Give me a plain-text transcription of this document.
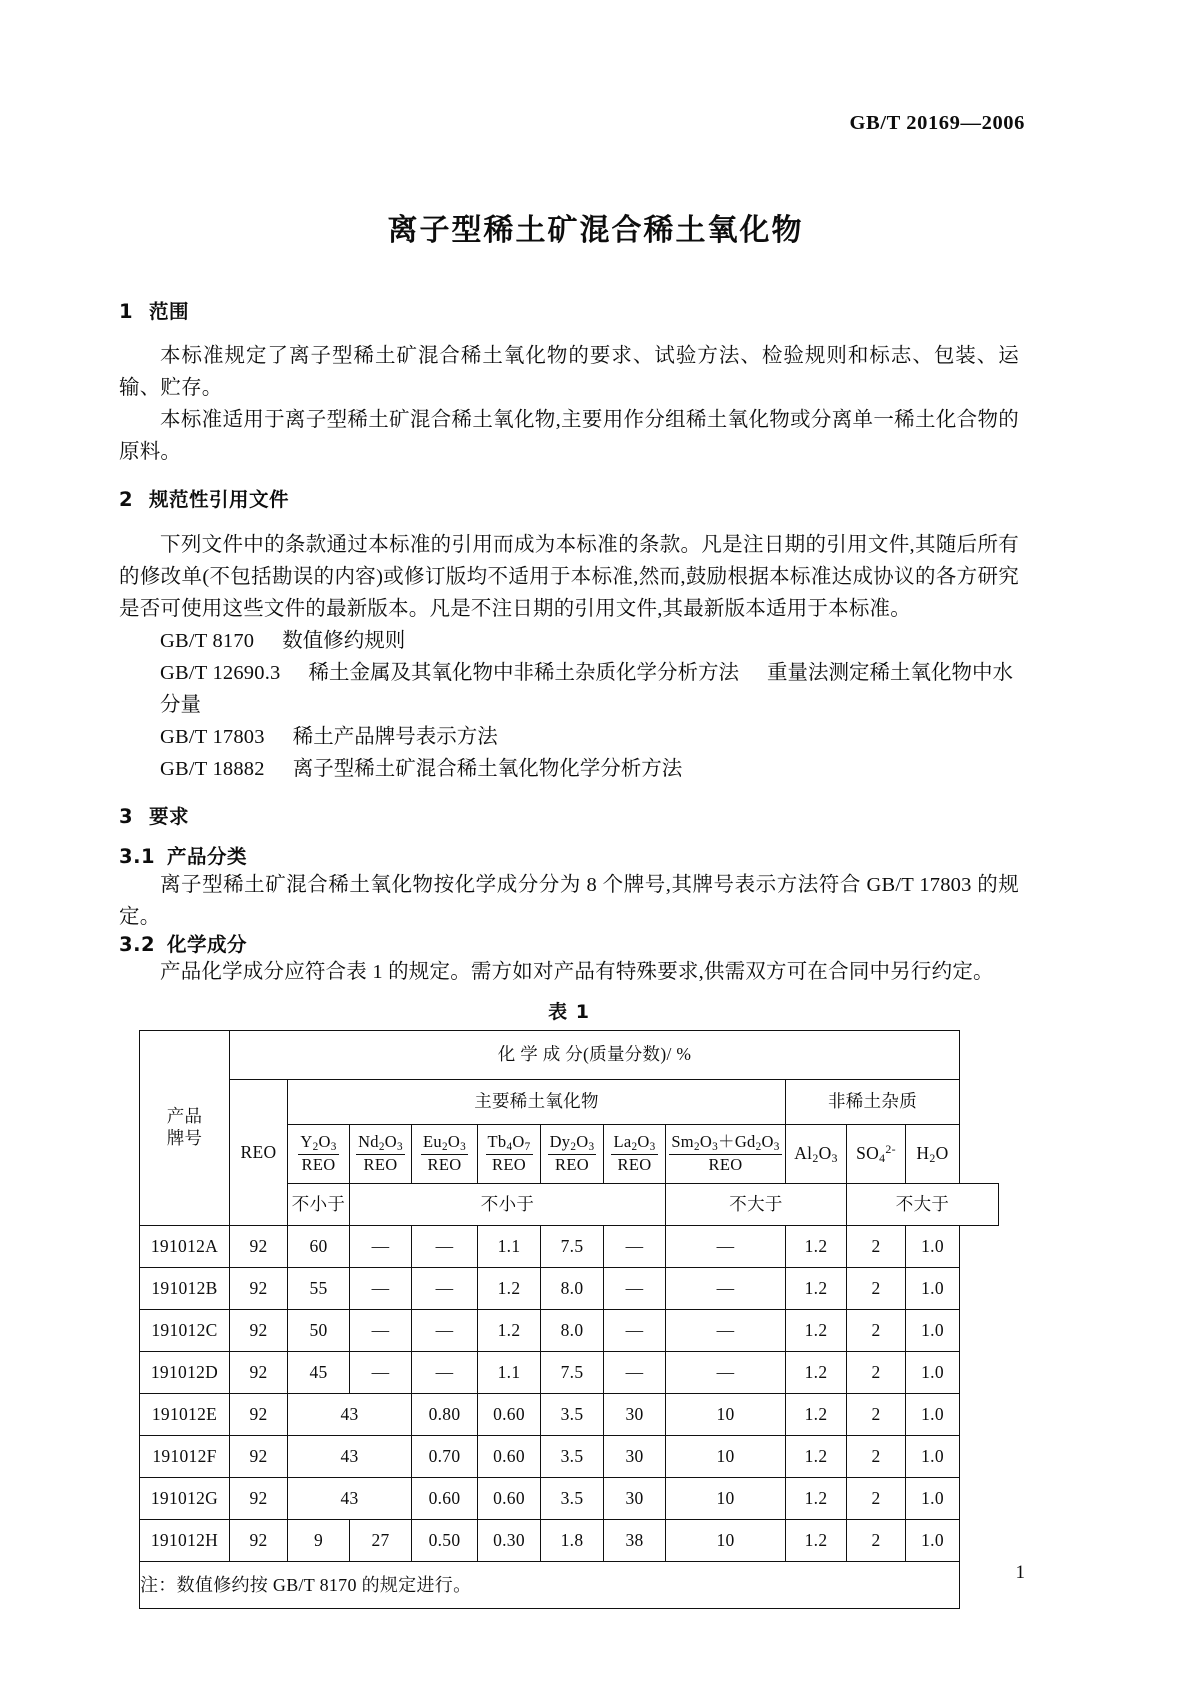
GB/T 20169—2006
离子型稀土矿混合稀土氧化物
1 范围

本标准规定了离子型稀土矿混合稀土氧化物的要求、试验方法、检验规则和标志、包装、运输、贮存。

本标准适用于离子型稀土矿混合稀土氧化物,主要用作分组稀土氧化物或分离单一稀土化合物的原料。

2 规范性引用文件

下列文件中的条款通过本标准的引用而成为本标准的条款。凡是注日期的引用文件,其随后所有的修改单(不包括勘误的内容)或修订版均不适用于本标准,然而,鼓励根据本标准达成协议的各方研究是否可使用这些文件的最新版本。凡是不注日期的引用文件,其最新版本适用于本标准。

GB/T 8170 数值修约规则

GB/T 12690.3 稀土金属及其氧化物中非稀土杂质化学分析方法 重量法测定稀土氧化物中水分量

GB/T 17803 稀土产品牌号表示方法

GB/T 18882 离子型稀土矿混合稀土氧化物化学分析方法

3 要求
3.1 产品分类

离子型稀土矿混合稀土氧化物按化学成分分为 8 个牌号,其牌号表示方法符合 GB/T 17803 的规定。

3.2 化学成分

产品化学成分应符合表 1 的规定。需方如对产品有特殊要求,供需双方可在合同中另行约定。

表 1
产品
牌号	化 学 成 分(质量分数)/ %										
	REO	主要稀土氧化物							非稀土杂质		

		$\frac{Y_2O_3}{\text{REO}}$	$\frac{Nd_2O_3}{\text{REO}}$	$\frac{Eu_2O_3}{\text{REO}}$	$\frac{Tb_4O_7}{\text{REO}}$	$\frac{Dy_2O_3}{\text{REO}}$	$\frac{La_2O_3}{\text{REO}}$	$\frac{Sm_2O_3+Gd_2O_3}{\text{REO}}$	$Al_2O_3$	$SO_4^{2-}$	$H_2O$
		不小于	不小于					不大于		不大于	
191012A	92	60	—	—	1.1	7.5	—	—	1.2	2	1.0
191012B	92	55	—	—	1.2	8.0	—	—	1.2	2	1.0
191012C	92	50	—	—	1.2	8.0	—	—	1.2	2	1.0
191012D	92	45	—	—	1.1	7.5	—	—	1.2	2	1.0
191012E	92	43		0.80	0.60	3.5	30	10	1.2	2	1.0
191012F	92	43		0.70	0.60	3.5	30	10	1.2	2	1.0
191012G	92	43		0.60	0.60	3.5	30	10	1.2	2	1.0
191012H	92	9	27	0.50	0.30	1.8	38	10	1.2	2	1.0
注：数值修约按 GB/T 8170 的规定进行。											
1
